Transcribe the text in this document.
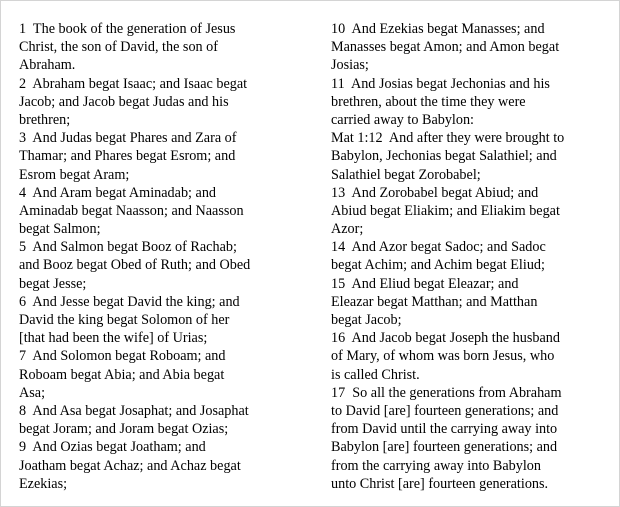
1  The book of the generation of Jesus
Christ, the son of David, the son of
Abraham.
2  Abraham begat Isaac; and Isaac begat
Jacob; and Jacob begat Judas and his
brethren;
3  And Judas begat Phares and Zara of
Thamar; and Phares begat Esrom; and
Esrom begat Aram;
4  And Aram begat Aminadab; and
Aminadab begat Naasson; and Naasson
begat Salmon;
5  And Salmon begat Booz of Rachab;
and Booz begat Obed of Ruth; and Obed
begat Jesse;
6  And Jesse begat David the king; and
David the king begat Solomon of her
[that had been the wife] of Urias;
7  And Solomon begat Roboam; and
Roboam begat Abia; and Abia begat
Asa;
8  And Asa begat Josaphat; and Josaphat
begat Joram; and Joram begat Ozias;
9  And Ozias begat Joatham; and
Joatham begat Achaz; and Achaz begat
Ezekias;
10  And Ezekias begat Manasses; and
Manasses begat Amon; and Amon begat
Josias;
11  And Josias begat Jechonias and his
brethren, about the time they were
carried away to Babylon:
Mat 1:12  And after they were brought to
Babylon, Jechonias begat Salathiel; and
Salathiel begat Zorobabel;
13  And Zorobabel begat Abiud; and
Abiud begat Eliakim; and Eliakim begat
Azor;
14  And Azor begat Sadoc; and Sadoc
begat Achim; and Achim begat Eliud;
15  And Eliud begat Eleazar; and
Eleazar begat Matthan; and Matthan
begat Jacob;
16  And Jacob begat Joseph the husband
of Mary, of whom was born Jesus, who
is called Christ.
17  So all the generations from Abraham
to David [are] fourteen generations; and
from David until the carrying away into
Babylon [are] fourteen generations; and
from the carrying away into Babylon
unto Christ [are] fourteen generations.
